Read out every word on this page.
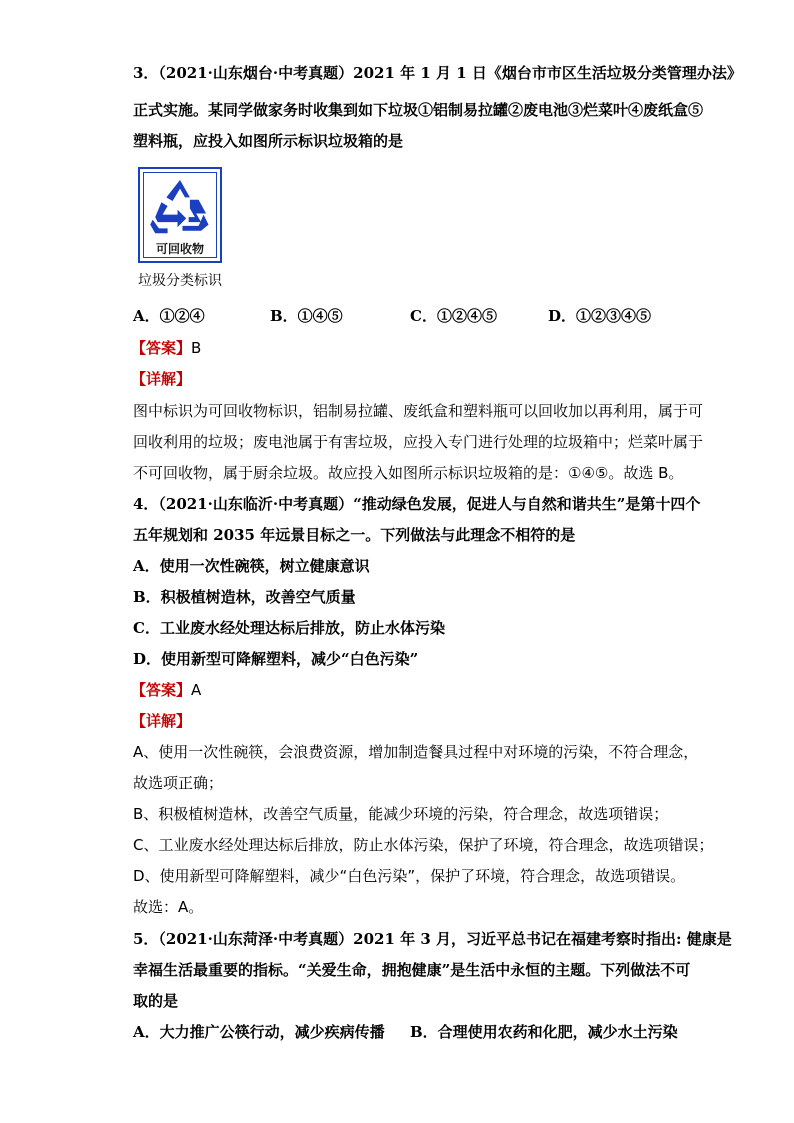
3．（2021·山东烟台·中考真题）2021 年 1 月 1 日《烟台市市区生活垃圾分类管理办法》
正式实施。某同学做家务时收集到如下垃圾①铝制易拉罐②废电池③烂菜叶④废纸盒⑤
塑料瓶，应投入如图所示标识垃圾箱的是
可回收物
垃圾分类标识
A．①②④	B．①④⑤	C．①②④⑤	D．①②③④⑤
【答案】B
【详解】
图中标识为可回收物标识，铝制易拉罐、废纸盒和塑料瓶可以回收加以再利用，属于可
回收利用的垃圾；废电池属于有害垃圾，应投入专门进行处理的垃圾箱中；烂菜叶属于
不可回收物，属于厨余垃圾。故应投入如图所示标识垃圾箱的是：①④⑤。故选 B。
4．（2021·山东临沂·中考真题）“推动绿色发展，促进人与自然和谐共生”是第十四个
五年规划和 2035 年远景目标之一。下列做法与此理念不相符的是
A．使用一次性碗筷，树立健康意识
B．积极植树造林，改善空气质量
C．工业废水经处理达标后排放，防止水体污染
D．使用新型可降解塑料，减少“白色污染”
【答案】A
【详解】
A、使用一次性碗筷，会浪费资源，增加制造餐具过程中对环境的污染，不符合理念，
故选项正确；
B、积极植树造林，改善空气质量，能减少环境的污染，符合理念，故选项错误；
C、工业废水经处理达标后排放，防止水体污染，保护了环境，符合理念，故选项错误；
D、使用新型可降解塑料，减少“白色污染”，保护了环境，符合理念，故选项错误。
故选：A。
5．（2021·山东菏泽·中考真题）2021 年 3 月，习近平总书记在福建考察时指出: 健康是
幸福生活最重要的指标。“关爱生命，拥抱健康”是生活中永恒的主题。下列做法不可
取的是
A．大力推广公筷行动，减少疾病传播 B．合理使用农药和化肥，减少水土污染
